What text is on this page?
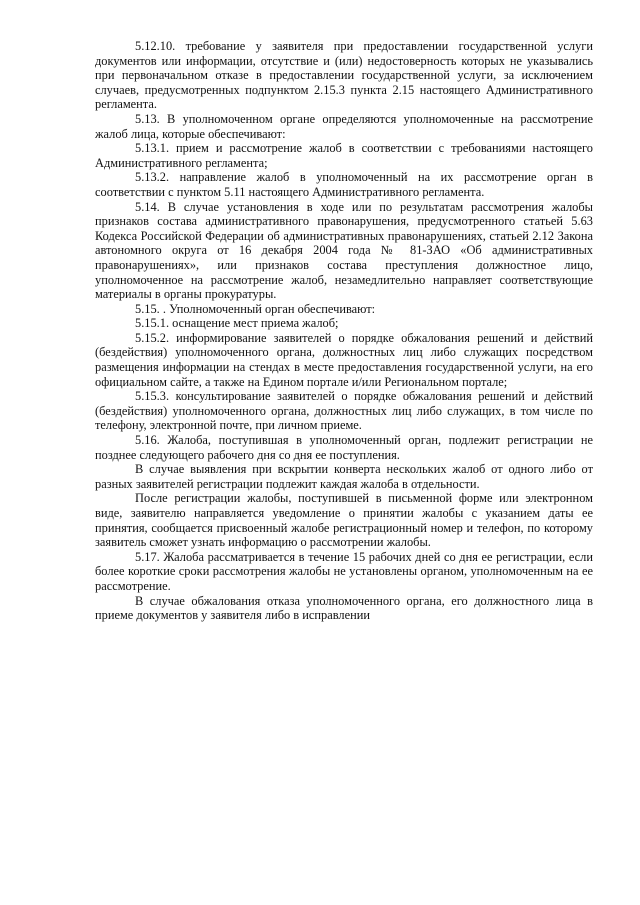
5.12.10. требование у заявителя при предоставлении государственной услуги документов или информации, отсутствие и (или) недостоверность которых не указывались при первоначальном отказе в предоставлении государственной услуги, за исключением случаев, предусмотренных подпунктом 2.15.3 пункта 2.15 настоящего Административного регламента.

5.13. В уполномоченном органе определяются уполномоченные на рассмотрение жалоб лица, которые обеспечивают:

5.13.1. прием и рассмотрение жалоб в соответствии с требованиями настоящего Административного регламента;

5.13.2. направление жалоб в уполномоченный на их рассмотрение орган в соответствии с пунктом 5.11 настоящего Административного регламента.

5.14. В случае установления в ходе или по результатам рассмотрения жалобы признаков состава административного правонарушения, предусмотренного статьей 5.63 Кодекса Российской Федерации об административных правонарушениях, статьей 2.12 Закона автономного округа от 16 декабря 2004 года № 81-ЗАО «Об административных правонарушениях», или признаков состава преступления должностное лицо, уполномоченное на рассмотрение жалоб, незамедлительно направляет соответствующие материалы в органы прокуратуры.

5.15. . Уполномоченный орган обеспечивают:

5.15.1. оснащение мест приема жалоб;

5.15.2. информирование заявителей о порядке обжалования решений и действий (бездействия) уполномоченного органа, должностных лиц либо служащих посредством размещения информации на стендах в месте предоставления государственной услуги, на его официальном сайте, а также на Едином портале и/или Региональном портале;

5.15.3. консультирование заявителей о порядке обжалования решений и действий (бездействия) уполномоченного органа, должностных лиц либо служащих, в том числе по телефону, электронной почте, при личном приеме.

5.16. Жалоба, поступившая в уполномоченный орган, подлежит регистрации не позднее следующего рабочего дня со дня ее поступления.

В случае выявления при вскрытии конверта нескольких жалоб от одного либо от разных заявителей регистрации подлежит каждая жалоба в отдельности.

После регистрации жалобы, поступившей в письменной форме или электронном виде, заявителю направляется уведомление о принятии жалобы с указанием даты ее принятия, сообщается присвоенный жалобе регистрационный номер и телефон, по которому заявитель сможет узнать информацию о рассмотрении жалобы.

5.17. Жалоба рассматривается в течение 15 рабочих дней со дня ее регистрации, если более короткие сроки рассмотрения жалобы не установлены органом, уполномоченным на ее рассмотрение.

В случае обжалования отказа уполномоченного органа, его должностного лица в приеме документов у заявителя либо в исправлении
